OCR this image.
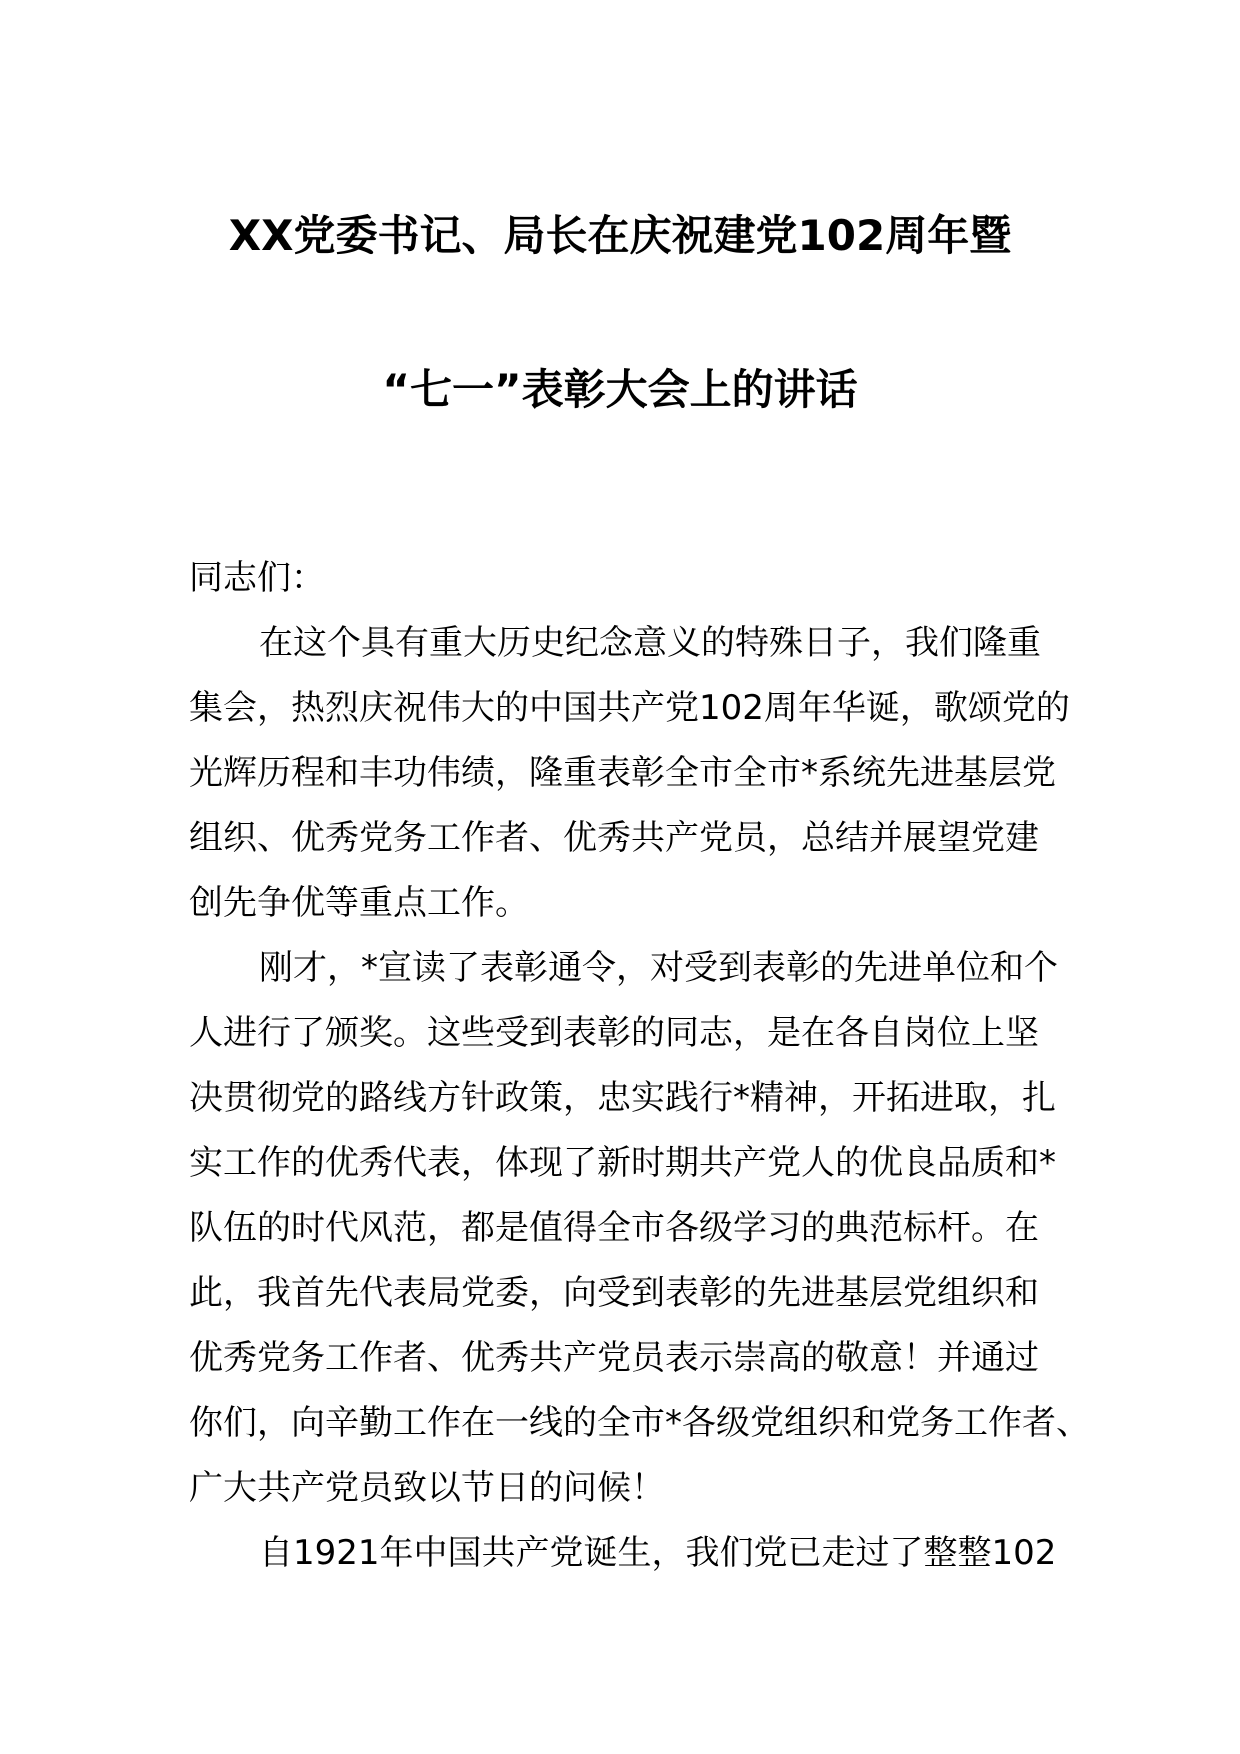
XX党委书记、局长在庆祝建党102周年暨
“七一”表彰大会上的讲话
同志们：
在这个具有重大历史纪念意义的特殊日子，我们隆重
集会，热烈庆祝伟大的中国共产党102周年华诞，歌颂党的
光辉历程和丰功伟绩，隆重表彰全市全市*系统先进基层党
组织、优秀党务工作者、优秀共产党员，总结并展望党建
创先争优等重点工作。
刚才，*宣读了表彰通令，对受到表彰的先进单位和个
人进行了颁奖。这些受到表彰的同志，是在各自岗位上坚
决贯彻党的路线方针政策，忠实践行*精神，开拓进取，扎
实工作的优秀代表，体现了新时期共产党人的优良品质和*
队伍的时代风范，都是值得全市各级学习的典范标杆。在
此，我首先代表局党委，向受到表彰的先进基层党组织和
优秀党务工作者、优秀共产党员表示崇高的敬意！并通过
你们，向辛勤工作在一线的全市*各级党组织和党务工作者、
广大共产党员致以节日的问候！
自1921年中国共产党诞生，我们党已走过了整整102
